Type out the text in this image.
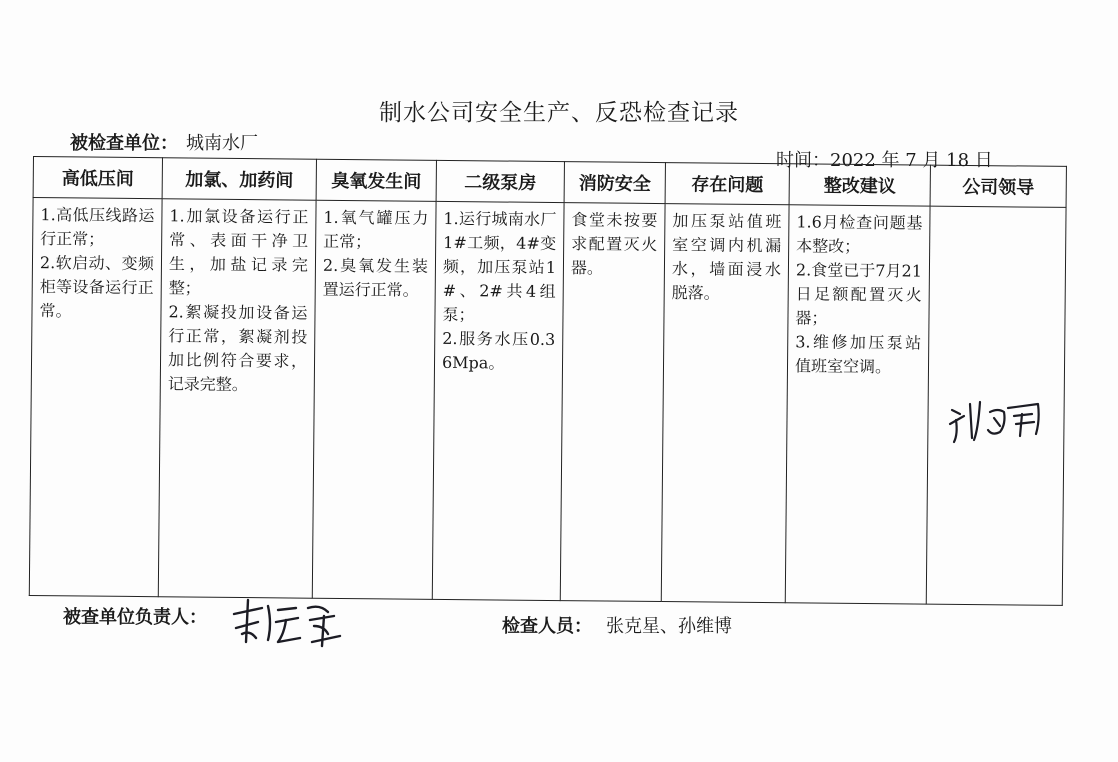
制水公司安全生产、反恐检查记录
被检查单位： 城南水厂
时间：2022 年 7 月 18 日
高低压间	加氯、加药间	臭氧发生间	二级泵房	消防安全	存在问题	整改建议	公司领导

1.高低压线路运行正常；
2.软启动、变频柜等设备运行正常。	1.加氯设备运行正常、表面干净卫生，加盐记录完整；
2.絮凝投加设备运行正常，絮凝剂投加比例符合要求，记录完整。	1.氧气罐压力正常；
2.臭氧发生装置运行正常。	1.运行城南水厂1#工频，4#变频，加压泵站1#、2#共4组泵；
2.服务水压0.36Mpa。	食堂未按要求配置灭火器。	加压泵站值班室空调内机漏水，墙面浸水脱落。	1.6月检查问题基本整改；
2.食堂已于7月21日足额配置灭火器；
3.维修加压泵站值班室空调。	

被查单位负责人：	检查人员： 张克星、孙维博
